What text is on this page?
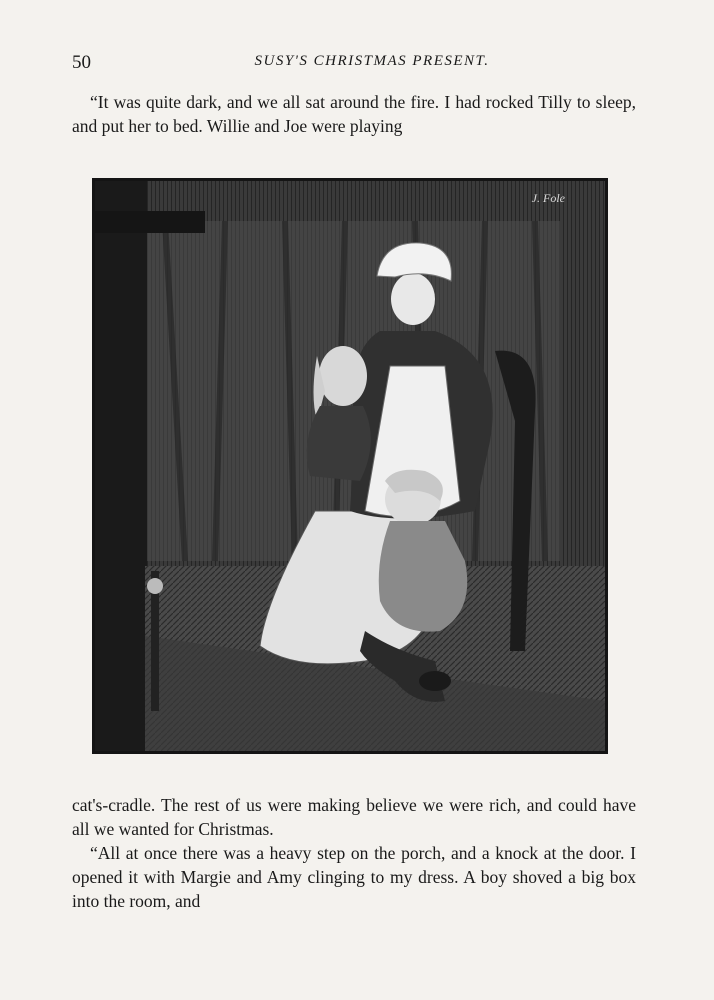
50	SUSY'S CHRISTMAS PRESENT.

“It was quite dark, and we all sat around the fire. I had rocked Tilly to sleep, and put her to bed. Willie and Joe were playing

J. Fole

cat's-cradle. The rest of us were making believe we were rich, and could have all we wanted for Christmas.

“All at once there was a heavy step on the porch, and a knock at the door. I opened it with Margie and Amy clinging to my dress. A boy shoved a big box into the room, and
